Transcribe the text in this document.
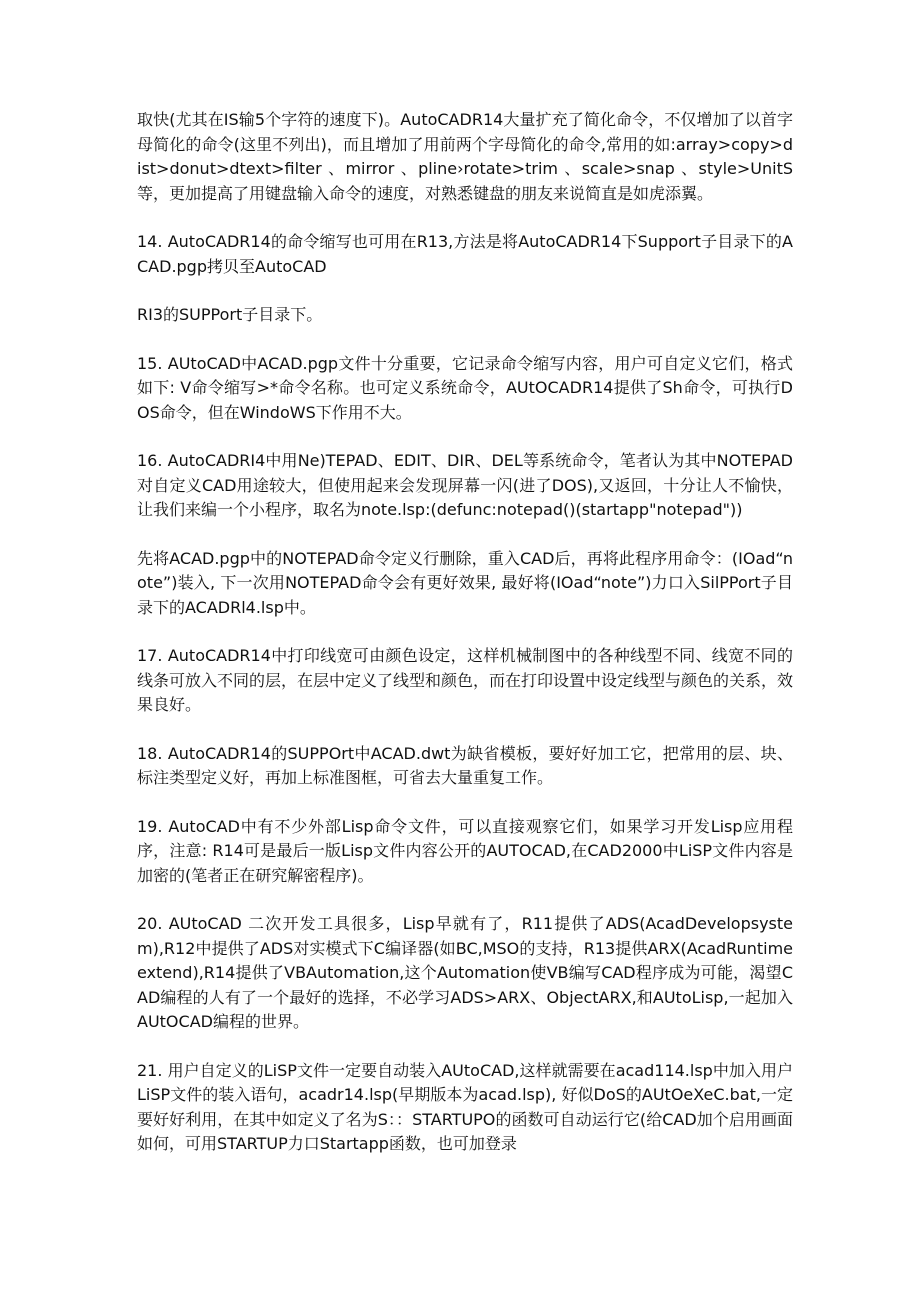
取快(尤其在IS输5个字符的速度下)。AutoCADR14大量扩充了简化命令，不仅增加了以首字母简化的命令(这里不列出)，而且增加了用前两个字母简化的命令,常用的如:array>copy>dist>donut>dtext>filter 、mirror 、pline›rotate>trim 、scale>snap 、style>UnitS等，更加提高了用键盘输入命令的速度，对熟悉键盘的朋友来说简直是如虎添翼。

14. AutoCADR14的命令缩写也可用在R13,方法是将AutoCADR14下Support子目录下的ACAD.pgp拷贝至AutoCAD

RI3的SUPPort子目录下。

15. AUtoCAD中ACAD.pgp文件十分重要，它记录命令缩写内容，用户可自定义它们，格式如下: V命令缩写>*命令名称。也可定义系统命令，AUtOCADR14提供了Sh命令，可执行DOS命令，但在WindoWS下作用不大。

16. AutoCADRI4中用Ne)TEPAD、EDIT、DIR、DEL等系统命令，笔者认为其中NOTEPAD对自定义CAD用途较大，但使用起来会发现屏幕一闪(进了DOS),又返回，十分让人不愉快，让我们来编一个小程序，取名为note.lsp:(defunc:notepad()(startapp"notepad"))

先将ACAD.pgp中的NOTEPAD命令定义行删除，重入CAD后，再将此程序用命令：(IOad“note”)装入, 下一次用NOTEPAD命令会有更好效果, 最好将(IOad“note”)力口入SilPPort子目录下的ACADRl4.lsp中。

17. AutoCADR14中打印线宽可由颜色设定，这样机械制图中的各种线型不同、线宽不同的线条可放入不同的层，在层中定义了线型和颜色，而在打印设置中设定线型与颜色的关系，效果良好。

18. AutoCADR14的SUPPOrt中ACAD.dwt为缺省模板，要好好加工它，把常用的层、块、标注类型定义好，再加上标准图框，可省去大量重复工作。

19. AutoCAD中有不少外部Lisp命令文件，可以直接观察它们，如果学习开发Lisp应用程序，注意: R14可是最后一版Lisp文件内容公开的AUTOCAD,在CAD2000中LiSP文件内容是加密的(笔者正在研究解密程序)。

20. AUtoCAD 二次开发工具很多，Lisp早就有了，R11提供了ADS(AcadDevelopsystem),R12中提供了ADS对实模式下C编译器(如BC,MSO的支持，R13提供ARX(AcadRuntimeextend),R14提供了VBAutomation,这个Automation使VB编写CAD程序成为可能，渴望CAD编程的人有了一个最好的选择，不必学习ADS>ARX、ObjectARX,和AUtoLisp,一起加入AUtOCAD编程的世界。

21. 用户自定义的LiSP文件一定要自动装入AUtoCAD,这样就需要在acad114.lsp中加入用户 LiSP文件的装入语句，acadr14.lsp(早期版本为acad.lsp), 好似DoS的AUtOeXeC.bat,一定要好好利用，在其中如定义了名为S：：STARTUPO的函数可自动运行它(给CAD加个启用画面如何，可用STARTUP力口Startapp函数，也可加登录
